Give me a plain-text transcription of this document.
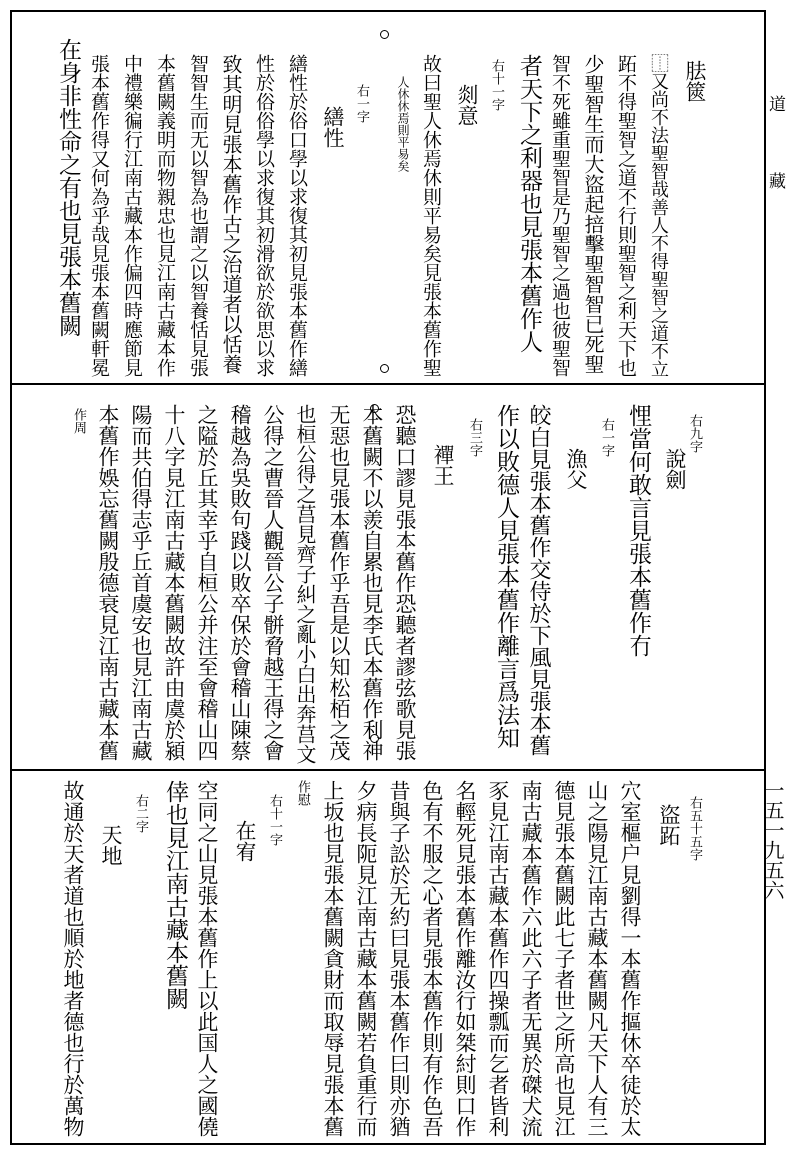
道藏
一五一九五六
胠篋
⿰又尚不法聖智哉善人不得聖智之道不立
跖不得聖智之道不行則聖智之利天下也
少聖智生而大盜起掊擊聖智智已死聖
智不死雖重聖智是乃聖智之過也彼聖智
者天下之利器也見張本舊作人
右十一字
剡意
故曰聖人休焉休則平易矣見張本舊作聖
人休休焉則平易矣
右一字
繕性
繕性於俗口學以求復其初見張本舊作繕
性於俗俗學以求復其初滑欲於欲思以求
致其明見張本舊作古之治道者以恬養
智智生而无以智為也謂之以智養恬見張
本舊闕義明而物親忠也見江南古藏本作
中禮樂徧行江南古藏本作偏四時應節見
張本舊作得又何為乎哉見張本舊闕軒冕
在身非性命之有也見張本舊闕
右九字
說劍
悝當何敢言見張本舊作冇
右一字
漁父
皎白見張本舊作交侍於下風見張本舊
作以敗德人見張本舊作離言爲法知
右三字
襌王
恐聽口謬見張本舊作恐聽者謬弦歌見張
本舊闕不以羨自累也見李氏本舊作利神
无惡也見張本舊作乎吾是以知松栢之茂
也桓公得之莒見齊子糾之亂小白出奔莒文
公得之曹晉人觀晉公子骿脅越王得之會
稽越為吳敗句踐以敗卒保於會稽山陳蔡
之隘於丘其幸乎自桓公并注至會稽山四
十八字見江南古藏本舊闕故許由虞於潁
陽而共伯得志乎丘首虞安也見江南古藏
本舊作娛忘舊闕殷德衰見江南古藏本舊
作周
右五十五字
盜跖
穴室樞户見劉得一本舊作摳休卒徒於太
山之陽見江南古藏本舊闕凡天下人有三
德見張本舊闕此七子者世之所高也見江
南古藏本舊作六此六子者无異於磔犬流
豕見江南古藏本舊作四操瓢而乞者皆利
名輕死見張本舊作離汝行如桀紂則口作
色有不服之心者見張本舊作則有作色吾
昔與子訟於无約曰見張本舊作曰則亦猶
夕病長阨見江南古藏本舊闕若負重行而
上坂也見張本舊闕貪財而取辱見張本舊
作慰
右十一字
在宥
空同之山見張本舊作上以此国人之國僥
倖也見江南古藏本舊闕
右二字
天地
故通於天者道也順於地者德也行於萬物
